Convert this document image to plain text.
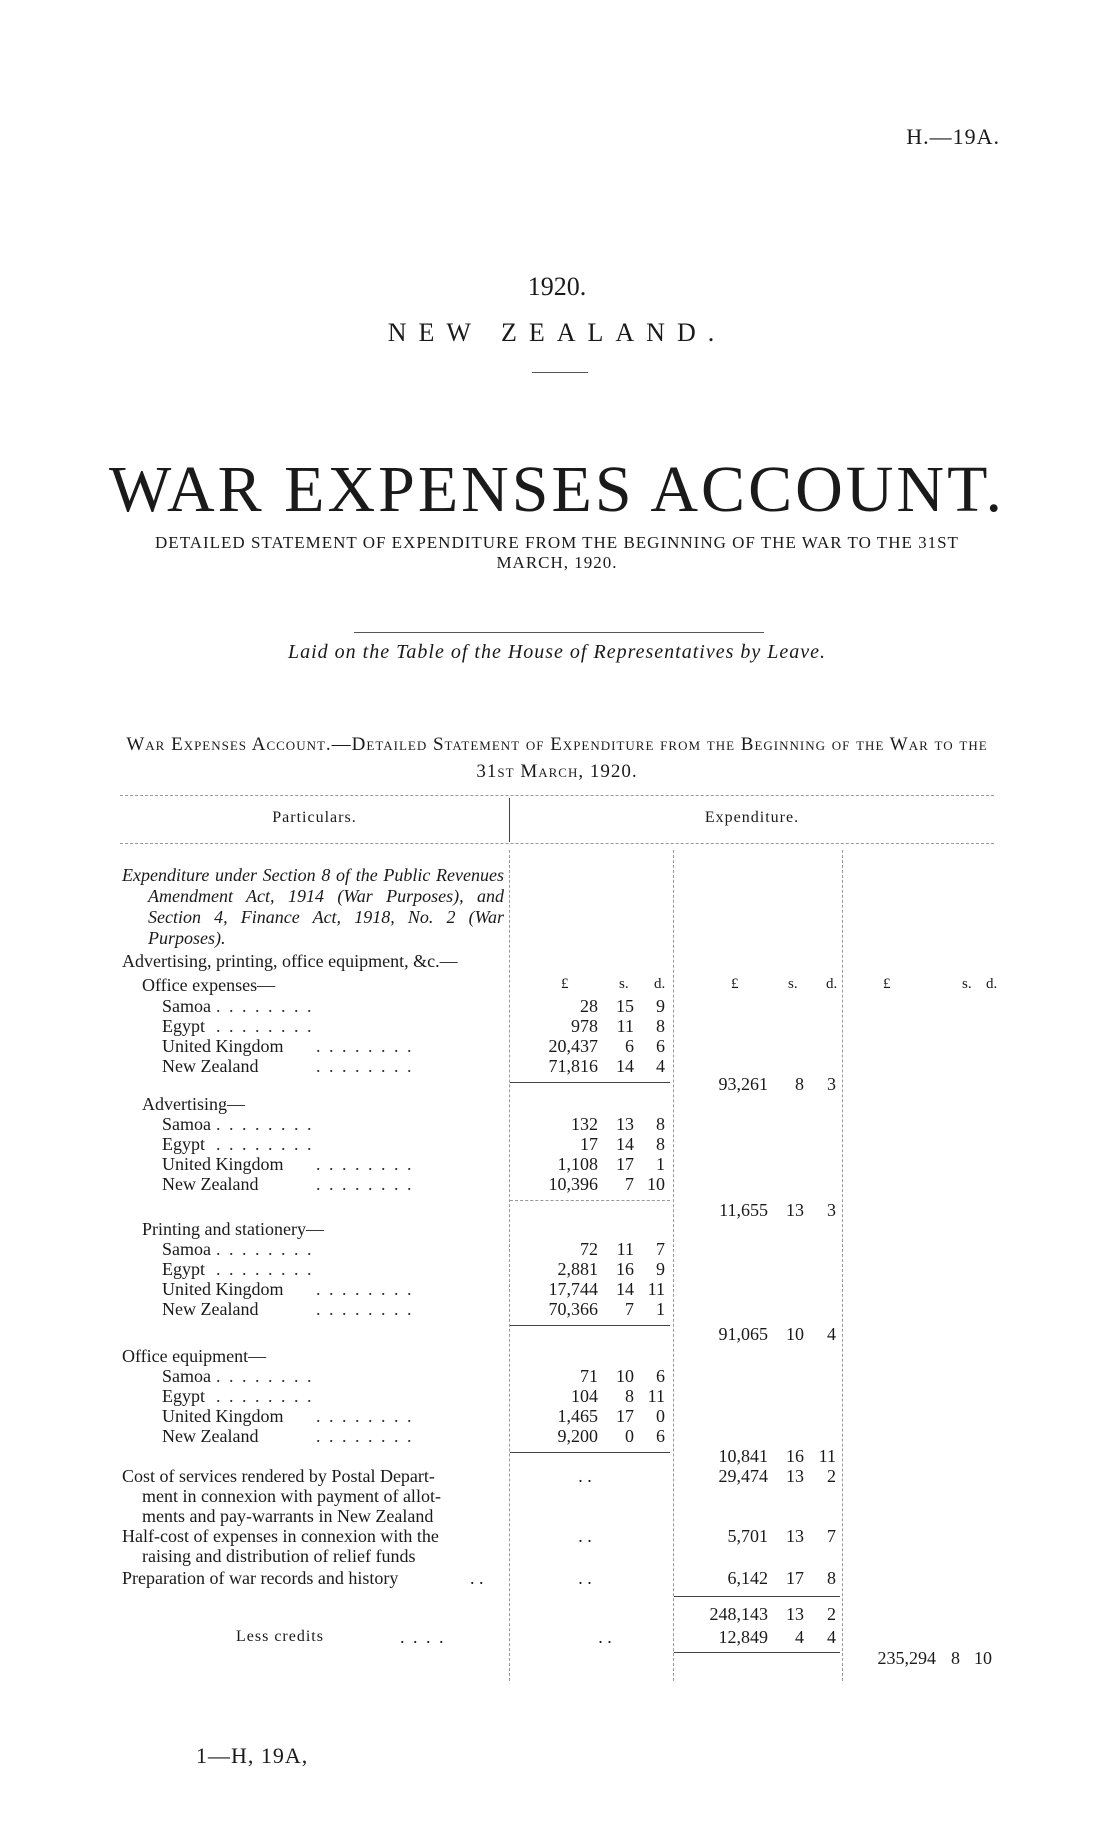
H.—19A.
1920.
NEW ZEALAND.
WAR EXPENSES ACCOUNT.
DETAILED STATEMENT OF EXPENDITURE FROM THE BEGINNING OF THE WAR TO THE 31ST MARCH, 1920.
Laid on the Table of the House of Representatives by Leave.
War Expenses Account.—Detailed Statement of Expenditure from the Beginning of the War to the 31st March, 1920.
Particulars.	Expenditure.
Expenditure under Section 8 of the Public Revenues Amendment Act, 1914 (War Purposes), and Section 4, Finance Act, 1918, No. 2 (War Purposes).
Advertising, printing, office equipment, &c.—
£	s. d.	£	s. d.	£	s. d.
Office expenses—
Samoa . . . . . . . .	28	15	9
Egypt . . . . . . . .	978	11	8
United Kingdom . . . . . . . .	20,437	6	6
New Zealand	. . . . . . . .	71,816	14	4
93,261	8	3
Advertising—
Samoa . . . . . . . .	132	13	8
Egypt . . . . . . . .	17	14	8
United Kingdom . . . . . . . .	1,108	17	1
New Zealand	. . . . . . . .	10,396	7 10
11,655	13	3
Printing and stationery—
Samoa . . . . . . . .	72	11	7
Egypt . . . . . . . .	2,881	16	9
United Kingdom . . . . . . . .	17,744	14 11
New Zealand	. . . . . . . .	70,366	7	1
91,065	10	4
Office equipment—
Samoa . . . . . . . .	71	10	6
Egypt . . . . . . . .	104	8 11
United Kingdom . . . . . . . .	1,465	17	0
New Zealand	. . . . . . . .	9,200	0	6
10,841	16 11
Cost of services rendered by Postal Depart-	. .	29,474	13	2
ment in connexion with payment of allot-
ments and pay-warrants in New Zealand
Half-cost of expenses in connexion with the	. .	5,701	13	7
raising and distribution of relief funds
Preparation of war records and history	. .	. .	6,142	17	8
248,143	13	2
Less credits	. . . .	. .	12,849	4	4
235,294 8 10
1—H, 19A,
